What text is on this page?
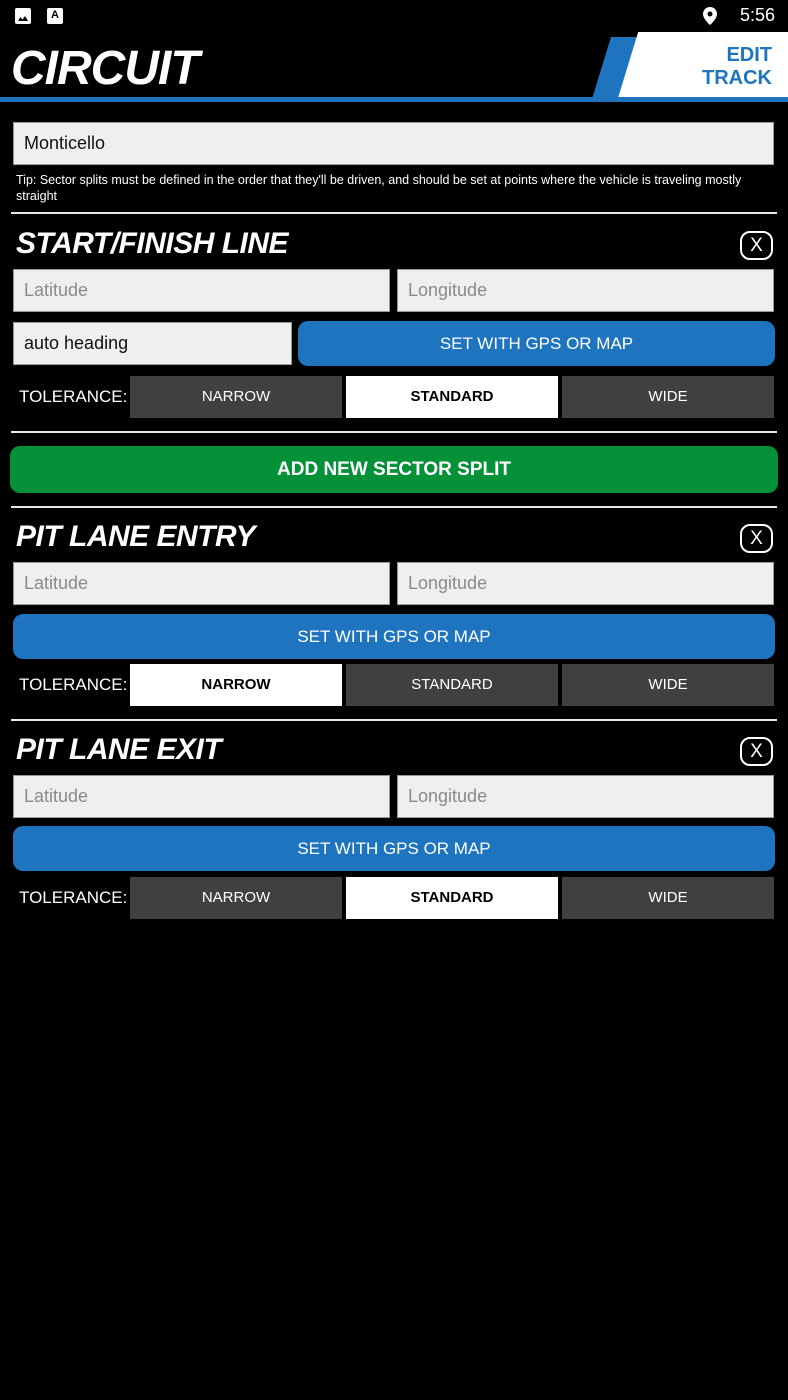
A	5:56
CIRCUIT	EDIT
TRACK
Monticello
Tip: Sector splits must be defined in the order that they'll be driven, and should be set at points where the vehicle is traveling mostly straight
START/FINISH LINE	X
Latitude	Longitude
auto heading	SET WITH GPS OR MAP
TOLERANCE:	NARROW	STANDARD	WIDE
ADD NEW SECTOR SPLIT
PIT LANE ENTRY	X
Latitude	Longitude
SET WITH GPS OR MAP
TOLERANCE:	NARROW	STANDARD	WIDE
PIT LANE EXIT	X
Latitude	Longitude
SET WITH GPS OR MAP
TOLERANCE:	NARROW	STANDARD	WIDE
